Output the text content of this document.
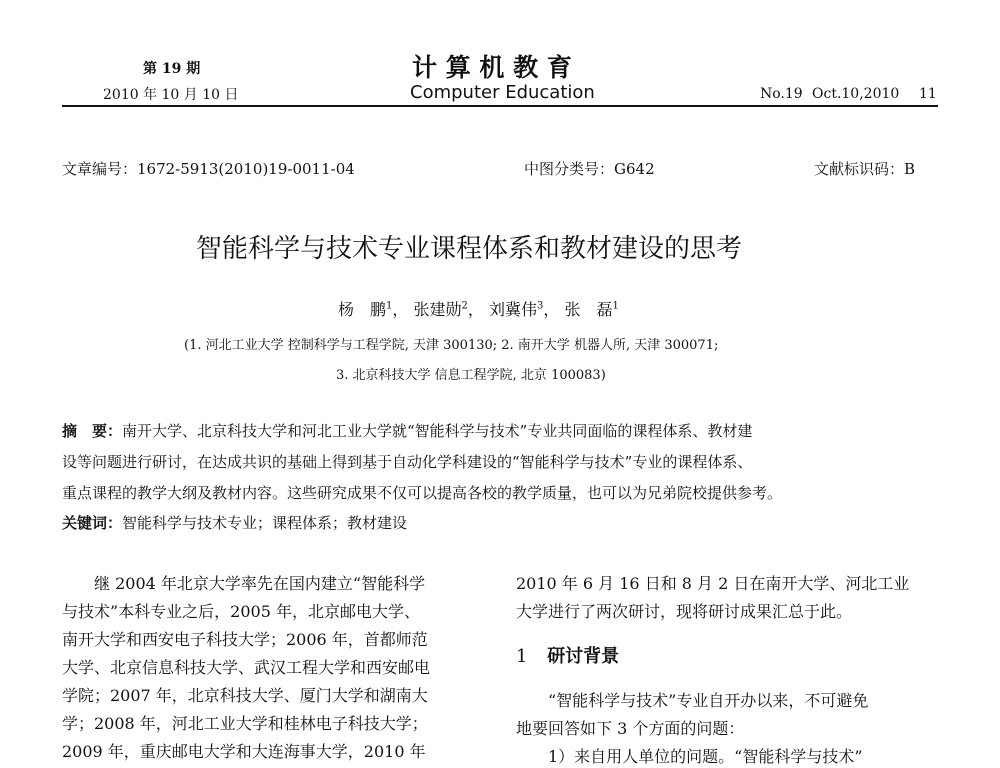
第 19 期
2010 年 10 月 10 日
计 算 机 教 育
Computer Education	No.19 Oct.10,2010 11
文章编号：1672-5913(2010)19-0011-04	中图分类号：G642	文献标识码：B
智能科学与技术专业课程体系和教材建设的思考
杨　鹏$^1$， 张建勋$^2$， 刘冀伟$^3$， 张　磊$^1$
(1. 河北工业大学 控制科学与工程学院, 天津 300130; 2. 南开大学 机器人所, 天津 300071;
3. 北京科技大学 信息工程学院, 北京 100083)
摘　要：南开大学、北京科技大学和河北工业大学就“智能科学与技术”专业共同面临的课程体系、教材建
设等问题进行研讨，在达成共识的基础上得到基于自动化学科建设的“智能科学与技术”专业的课程体系、
重点课程的教学大纲及教材内容。这些研究成果不仅可以提高各校的教学质量，也可以为兄弟院校提供参考。
关键词：智能科学与技术专业；课程体系；教材建设
继 2004 年北京大学率先在国内建立“智能科学
与技术”本科专业之后，2005 年，北京邮电大学、
南开大学和西安电子科技大学；2006 年，首都师范
大学、北京信息科技大学、武汉工程大学和西安邮电
学院；2007 年，北京科技大学、厦门大学和湖南大
学；2008 年，河北工业大学和桂林电子科技大学；
2009 年，重庆邮电大学和大连海事大学，2010 年
2010 年 6 月 16 日和 8 月 2 日在南开大学、河北工业
大学进行了两次研讨，现将研讨成果汇总于此。
1 研讨背景
“智能科学与技术”专业自开办以来，不可避免
地要回答如下 3 个方面的问题：
1）来自用人单位的问题。“智能科学与技术”
